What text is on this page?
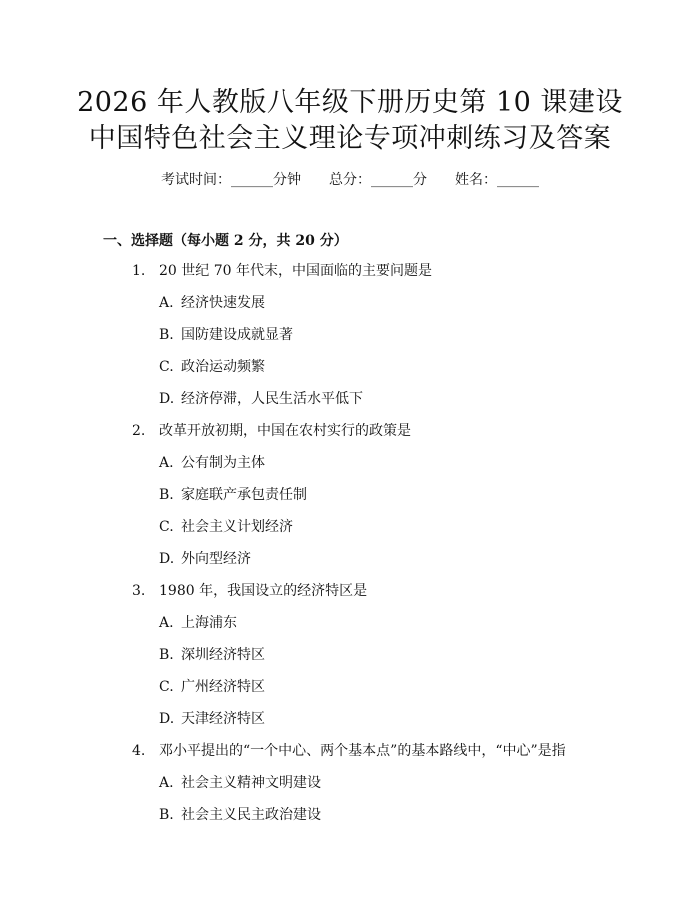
2026 年人教版八年级下册历史第 10 课建设
中国特色社会主义理论专项冲刺练习及答案
考试时间：______分钟 总分：______分 姓名：______
一、选择题（每小题 2 分，共 20 分）
1. 20 世纪 70 年代末，中国面临的主要问题是
A. 经济快速发展
B. 国防建设成就显著
C. 政治运动频繁
D. 经济停滞，人民生活水平低下
2. 改革开放初期，中国在农村实行的政策是
A. 公有制为主体
B. 家庭联产承包责任制
C. 社会主义计划经济
D. 外向型经济
3. 1980 年，我国设立的经济特区是
A. 上海浦东
B. 深圳经济特区
C. 广州经济特区
D. 天津经济特区
4. 邓小平提出的“一个中心、两个基本点”的基本路线中，“中心”是指
A. 社会主义精神文明建设
B. 社会主义民主政治建设
